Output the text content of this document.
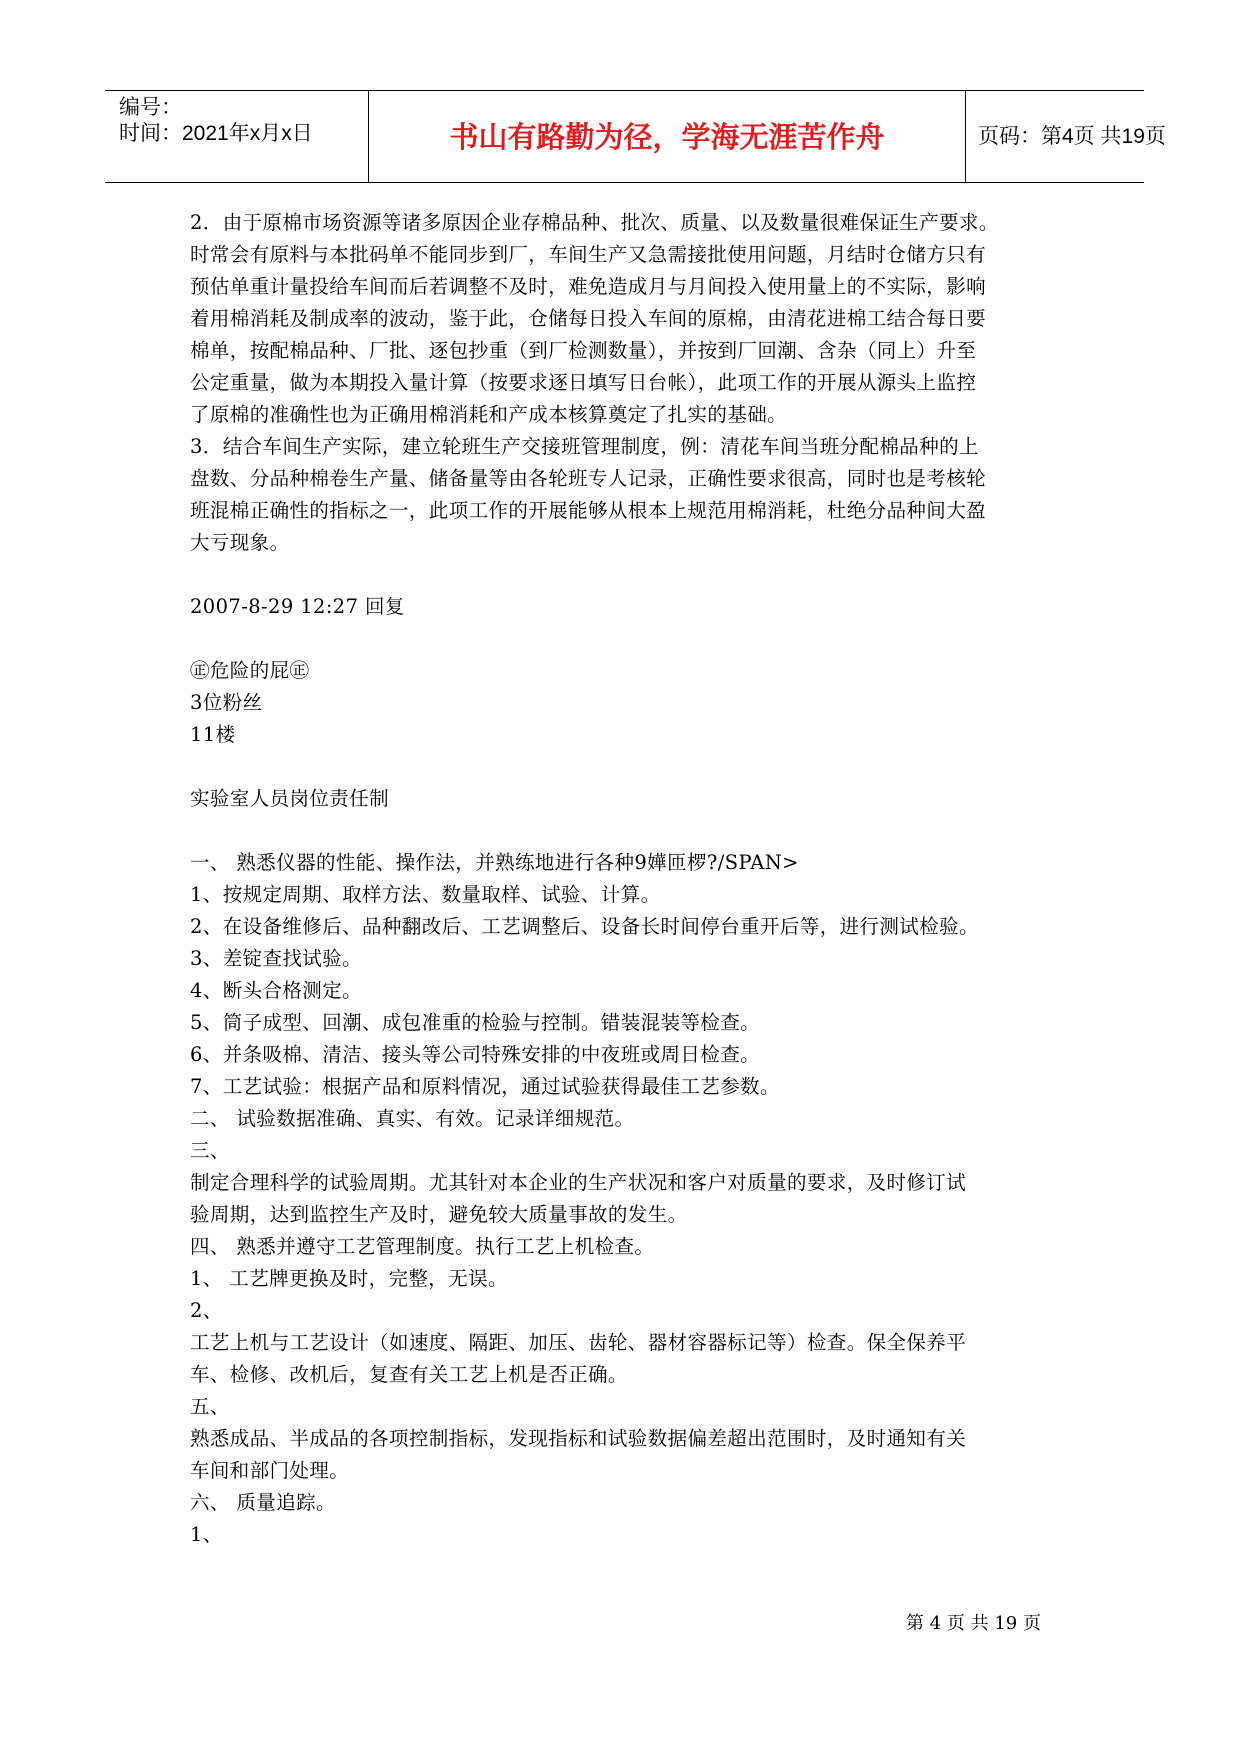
编号：
时间：2021年x月x日	书山有路勤为径，学海无涯苦作舟	页码：第4页 共19页
2．由于原棉市场资源等诸多原因企业存棉品种、批次、质量、以及数量很难保证生产要求。
时常会有原料与本批码单不能同步到厂，车间生产又急需接批使用问题，月结时仓储方只有
预估单重计量投给车间而后若调整不及时，难免造成月与月间投入使用量上的不实际，影响
着用棉消耗及制成率的波动，鉴于此，仓储每日投入车间的原棉，由清花进棉工结合每日要
棉单，按配棉品种、厂批、逐包抄重（到厂检测数量），并按到厂回潮、含杂（同上）升至
公定重量，做为本期投入量计算（按要求逐日填写日台帐），此项工作的开展从源头上监控
了原棉的准确性也为正确用棉消耗和产成本核算奠定了扎实的基础。
3．结合车间生产实际，建立轮班生产交接班管理制度，例：清花车间当班分配棉品种的上
盘数、分品种棉卷生产量、储备量等由各轮班专人记录，正确性要求很高，同时也是考核轮
班混棉正确性的指标之一，此项工作的开展能够从根本上规范用棉消耗，杜绝分品种间大盈
大亏现象。
2007-8-29 12:27 回复
㊣危险的屁㊣
3位粉丝
11楼
实验室人员岗位责任制
一、 熟悉仪器的性能、操作法，并熟练地进行各种9嬅匝椤?/SPAN>
1、按规定周期、取样方法、数量取样、试验、计算。
2、在设备维修后、品种翻改后、工艺调整后、设备长时间停台重开后等，进行测试检验。
3、差锭查找试验。
4、断头合格测定。
5、筒子成型、回潮、成包准重的检验与控制。错装混装等检查。
6、并条吸棉、清洁、接头等公司特殊安排的中夜班或周日检查。
7、工艺试验：根据产品和原料情况，通过试验获得最佳工艺参数。
二、 试验数据准确、真实、有效。记录详细规范。
三、
制定合理科学的试验周期。尤其针对本企业的生产状况和客户对质量的要求，及时修订试
验周期，达到监控生产及时，避免较大质量事故的发生。
四、 熟悉并遵守工艺管理制度。执行工艺上机检查。
1、 工艺牌更换及时，完整，无误。
2、
工艺上机与工艺设计（如速度、隔距、加压、齿轮、器材容器标记等）检查。保全保养平
车、检修、改机后，复查有关工艺上机是否正确。
五、
熟悉成品、半成品的各项控制指标，发现指标和试验数据偏差超出范围时，及时通知有关
车间和部门处理。
六、 质量追踪。
1、
第 4 页 共 19 页
